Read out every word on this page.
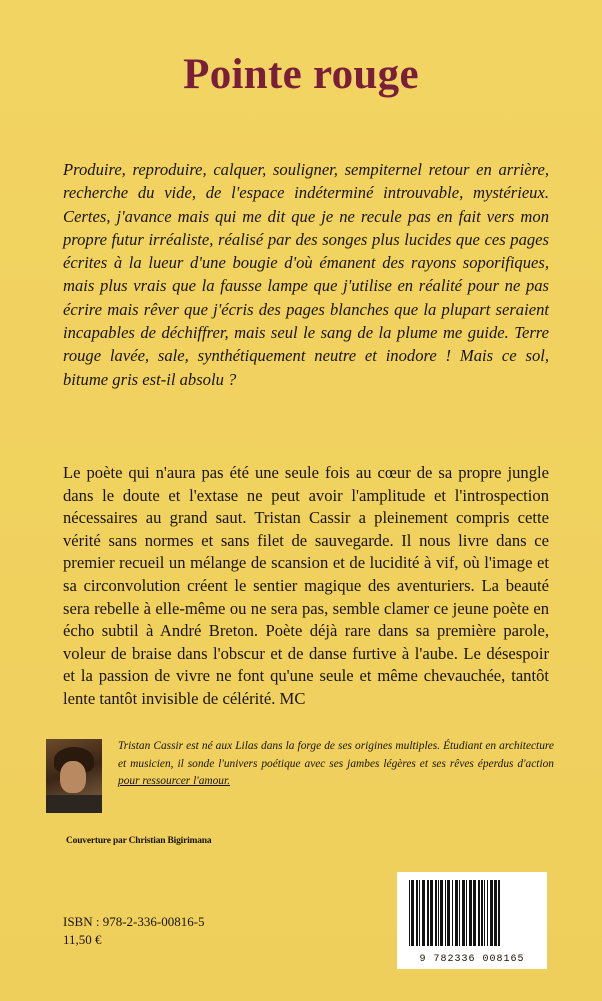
Pointe rouge
Produire, reproduire, calquer, souligner, sempiternel retour en arrière, recherche du vide, de l'espace indéterminé introuvable, mystérieux. Certes, j'avance mais qui me dit que je ne recule pas en fait vers mon propre futur irréaliste, réalisé par des songes plus lucides que ces pages écrites à la lueur d'une bougie d'où émanent des rayons soporifiques, mais plus vrais que la fausse lampe que j'utilise en réalité pour ne pas écrire mais rêver que j'écris des pages blanches que la plupart seraient incapables de déchiffrer, mais seul le sang de la plume me guide. Terre rouge lavée, sale, synthétiquement neutre et inodore ! Mais ce sol, bitume gris est-il absolu ?
Le poète qui n'aura pas été une seule fois au cœur de sa propre jungle dans le doute et l'extase ne peut avoir l'amplitude et l'introspection nécessaires au grand saut. Tristan Cassir a pleinement compris cette vérité sans normes et sans filet de sauvegarde. Il nous livre dans ce premier recueil un mélange de scansion et de lucidité à vif, où l'image et sa circonvolution créent le sentier magique des aventuriers. La beauté sera rebelle à elle-même ou ne sera pas, semble clamer ce jeune poète en écho subtil à André Breton. Poète déjà rare dans sa première parole, voleur de braise dans l'obscur et de danse furtive à l'aube. Le désespoir et la passion de vivre ne font qu'une seule et même chevauchée, tantôt lente tantôt invisible de célérité. MC
Tristan Cassir est né aux Lilas dans la forge de ses origines multiples. Étudiant en architecture et musicien, il sonde l'univers poétique avec ses jambes légères et ses rêves éperdus d'action pour ressourcer l'amour.
Couverture par Christian Bigirimana
ISBN : 978-2-336-00816-5
11,50 €
9 782336 008165
